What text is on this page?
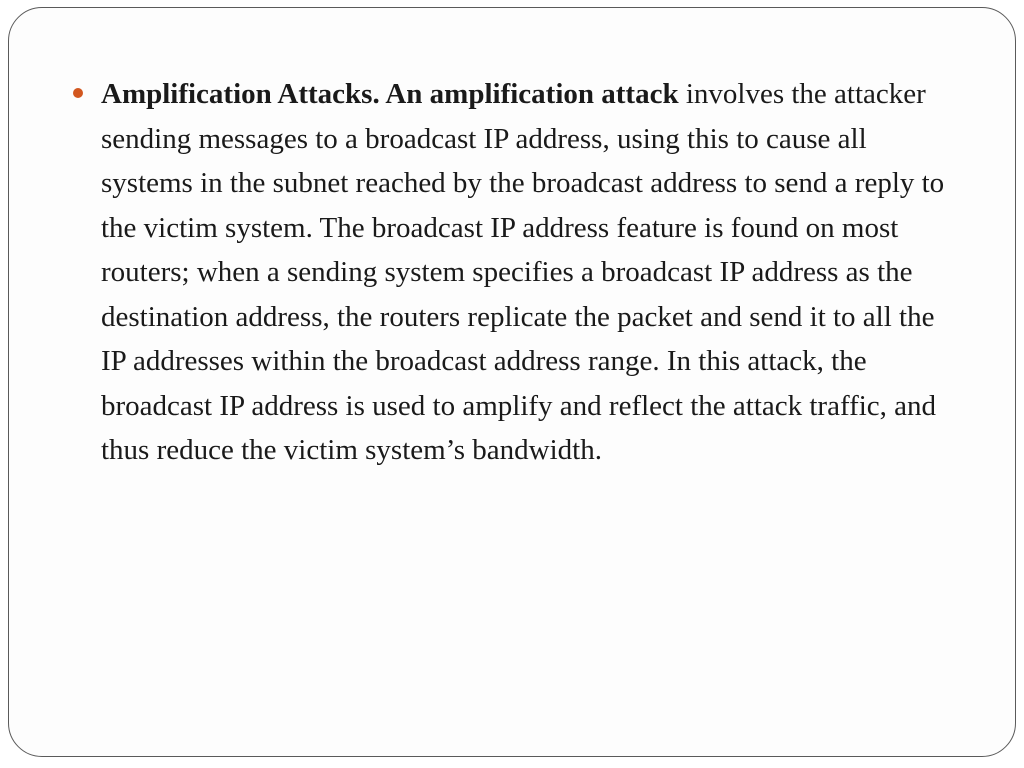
Amplification Attacks. An amplification attack involves the attacker sending messages to a broadcast IP address, using this to cause all systems in the subnet reached by the broadcast address to send a reply to the victim system. The broadcast IP address feature is found on most routers; when a sending system specifies a broadcast IP address as the destination address, the routers replicate the packet and send it to all the IP addresses within the broadcast address range. In this attack, the broadcast IP address is used to amplify and reflect the attack traffic, and thus reduce the victim system’s bandwidth.
